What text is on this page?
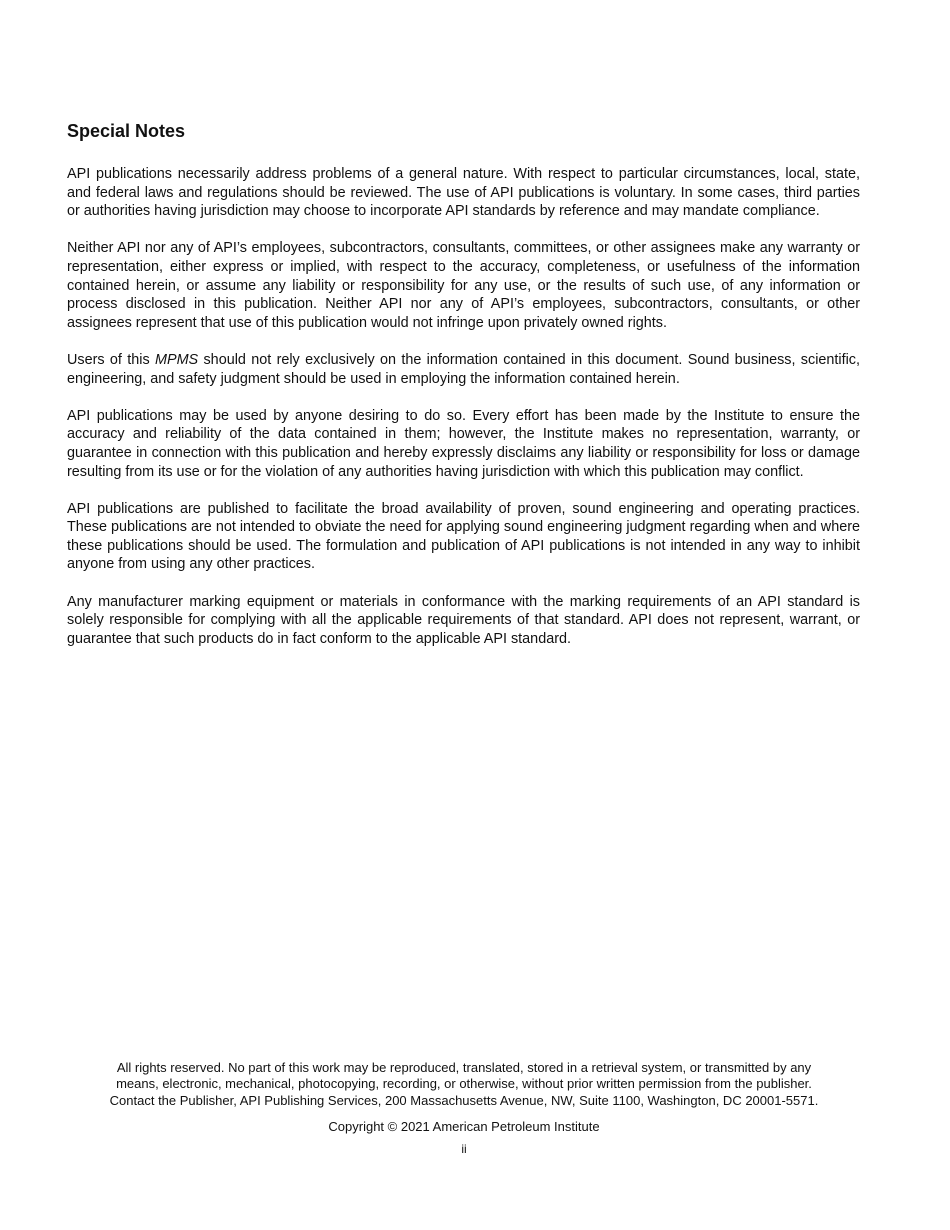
Special Notes

API publications necessarily address problems of a general nature. With respect to particular circumstances, local, state, and federal laws and regulations should be reviewed. The use of API publications is voluntary. In some cases, third parties or authorities having jurisdiction may choose to incorporate API standards by reference and may mandate compliance.

Neither API nor any of API’s employees, subcontractors, consultants, committees, or other assignees make any warranty or representation, either express or implied, with respect to the accuracy, completeness, or usefulness of the information contained herein, or assume any liability or responsibility for any use, or the results of such use, of any information or process disclosed in this publication. Neither API nor any of API’s employees, subcontractors, consultants, or other assignees represent that use of this publication would not infringe upon privately owned rights.

Users of this MPMS should not rely exclusively on the information contained in this document. Sound business, scientific, engineering, and safety judgment should be used in employing the information contained herein.

API publications may be used by anyone desiring to do so. Every effort has been made by the Institute to ensure the accuracy and reliability of the data contained in them; however, the Institute makes no representation, warranty, or guarantee in connection with this publication and hereby expressly disclaims any liability or responsibility for loss or damage resulting from its use or for the violation of any authorities having jurisdiction with which this publication may conflict.

API publications are published to facilitate the broad availability of proven, sound engineering and operating practices. These publications are not intended to obviate the need for applying sound engineering judgment regarding when and where these publications should be used. The formulation and publication of API publications is not intended in any way to inhibit anyone from using any other practices.

Any manufacturer marking equipment or materials in conformance with the marking requirements of an API standard is solely responsible for complying with all the applicable requirements of that standard. API does not represent, warrant, or guarantee that such products do in fact conform to the applicable API standard.

All rights reserved. No part of this work may be reproduced, translated, stored in a retrieval system, or transmitted by any
means, electronic, mechanical, photocopying, recording, or otherwise, without prior written permission from the publisher.
Contact the Publisher, API Publishing Services, 200 Massachusetts Avenue, NW, Suite 1100, Washington, DC 20001-5571.

Copyright © 2021 American Petroleum Institute

ii
